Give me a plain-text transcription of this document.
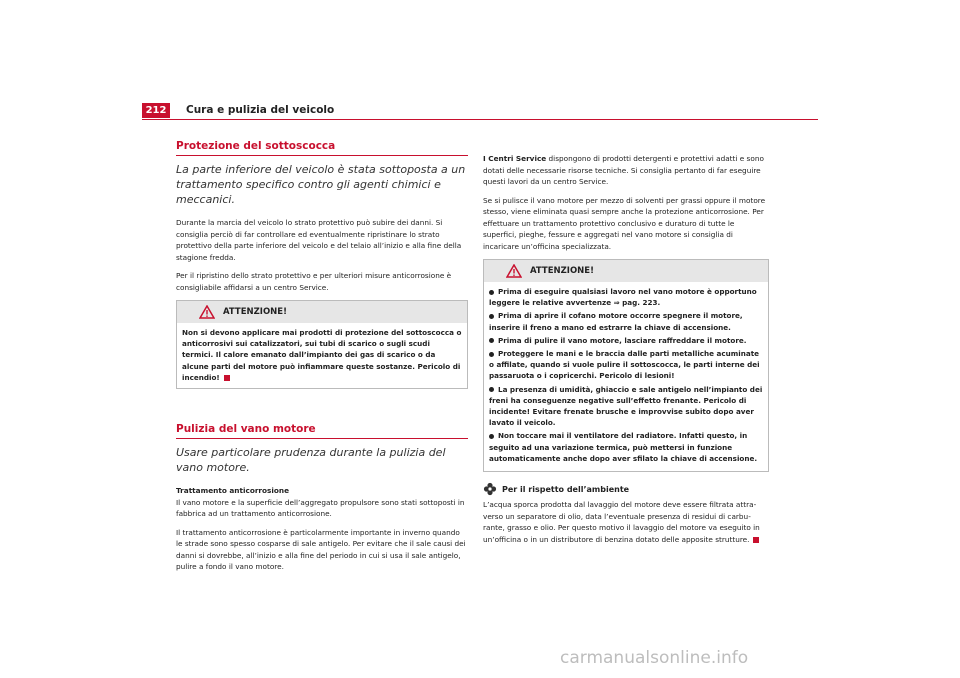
212	Cura e pulizia del veicolo
Protezione del sottoscocca
La parte inferiore del veicolo è stata sottoposta a un trattamento specifico contro gli agenti chimici e meccanici.

Durante la marcia del veicolo lo strato protettivo può subire dei danni. Si consiglia perciò di far controllare ed eventualmente ripristinare lo strato protettivo della parte inferiore del veicolo e del telaio all’inizio e alla fine della stagione fredda.

Per il ripristino dello strato protettivo e per ulteriori misure anticorrosione è consigliabile affidarsi a un centro Service.

ATTENZIONE!
Non si devono applicare mai prodotti di protezione del sottoscocca o anticorrosivi sui catalizzatori, sui tubi di scarico o sugli scudi termici. Il calore emanato dall’impianto dei gas di scarico o da alcune parti del motore può infiammare queste sostanze. Pericolo di incendio!
Pulizia del vano motore
Usare particolare prudenza durante la pulizia del vano motore.
Trattamento anticorrosione

Il vano motore e la superficie dell’aggregato propulsore sono stati sottoposti in fabbrica ad un trattamento anticorrosione.

Il trattamento anticorrosione è particolarmente importante in inverno quando le strade sono spesso cosparse di sale antigelo. Per evitare che il sale causi dei danni si dovrebbe, all’inizio e alla fine del periodo in cui si usa il sale antigelo, pulire a fondo il vano motore.

I Centri Service dispongono di prodotti detergenti e protettivi adatti e sono dotati delle necessarie risorse tecniche. Si consiglia pertanto di far eseguire questi lavori da un centro Service.

Se si pulisce il vano motore per mezzo di solventi per grassi oppure il motore stesso, viene eliminata quasi sempre anche la protezione anticorrosione. Per effettuare un trattamento protettivo conclusivo e duraturo di tutte le superfici, pieghe, fessure e aggregati nel vano motore si consiglia di incaricare un’officina specializzata.

ATTENZIONE!
Prima di eseguire qualsiasi lavoro nel vano motore è opportuno leggere le relative avvertenze ⇒ pag. 223.
Prima di aprire il cofano motore occorre spegnere il motore, inserire il freno a mano ed estrarre la chiave di accensione.
Prima di pulire il vano motore, lasciare raffreddare il motore.
Proteggere le mani e le braccia dalle parti metalliche acuminate o affilate, quando si vuole pulire il sottoscocca, le parti interne dei passaruota o i copricerchi. Pericolo di lesioni!
La presenza di umidità, ghiaccio e sale antigelo nell’impianto dei freni ha conseguenze negative sull’effetto frenante. Pericolo di incidente! Evitare frenate brusche e improvvise subito dopo aver lavato il veicolo.
Non toccare mai il ventilatore del radiatore. Infatti questo, in seguito ad una variazione termica, può mettersi in funzione automaticamente anche dopo aver sfilato la chiave di accensione.
Per il rispetto dell’ambiente

L’acqua sporca prodotta dal lavaggio del motore deve essere filtrata attraverso un separatore di olio, data l’eventuale presenza di residui di carburante, grasso e olio. Per questo motivo il lavaggio del motore va eseguito in un’officina o in un distributore di benzina dotato delle apposite strutture.

carmanualsonline.info
